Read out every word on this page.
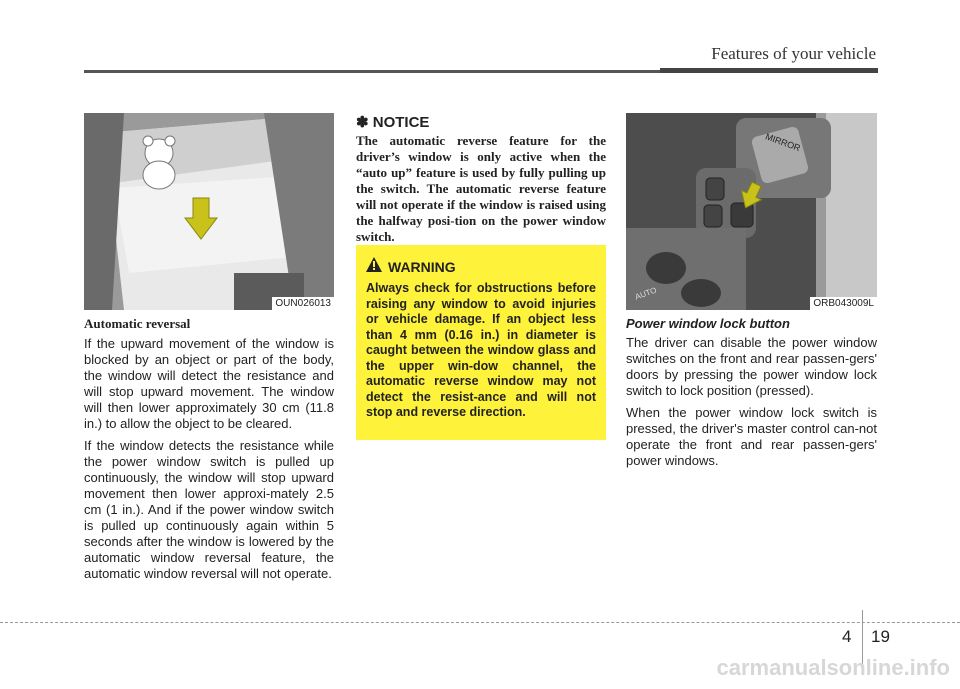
Features of your vehicle
OUN026013
MIRROR
AUTO
ORB043009L

Automatic reversal

If the upward movement of the window is blocked by an object or part of the body, the window will detect the resistance and will stop upward movement. The window will then lower approximately 30 cm (11.8 in.) to allow the object to be cleared.

If the window detects the resistance while the power window switch is pulled up continuously, the window will stop upward movement then lower approxi-mately 2.5 cm (1 in.). And if the power window switch is pulled up continuously again within 5 seconds after the window is lowered by the automatic window reversal feature, the automatic window reversal will not operate.

✽ NOTICE

The automatic reverse feature for the driver’s window is only active when the “auto up” feature is used by fully pulling up the switch. The automatic reverse feature will not operate if the window is raised using the halfway posi-tion on the power window switch.

WARNING

Always check for obstructions before raising any window to avoid injuries or vehicle damage. If an object less than 4 mm (0.16 in.) in diameter is caught between the window glass and the upper win-dow channel, the automatic reverse window may not detect the resist-ance and will not stop and reverse direction.

Power window lock button

The driver can disable the power window switches on the front and rear passen-gers' doors by pressing the power window lock switch to lock position (pressed).

When the power window lock switch is pressed, the driver's master control can-not operate the front and rear passen-gers' power windows.

4 19
carmanualsonline.info
